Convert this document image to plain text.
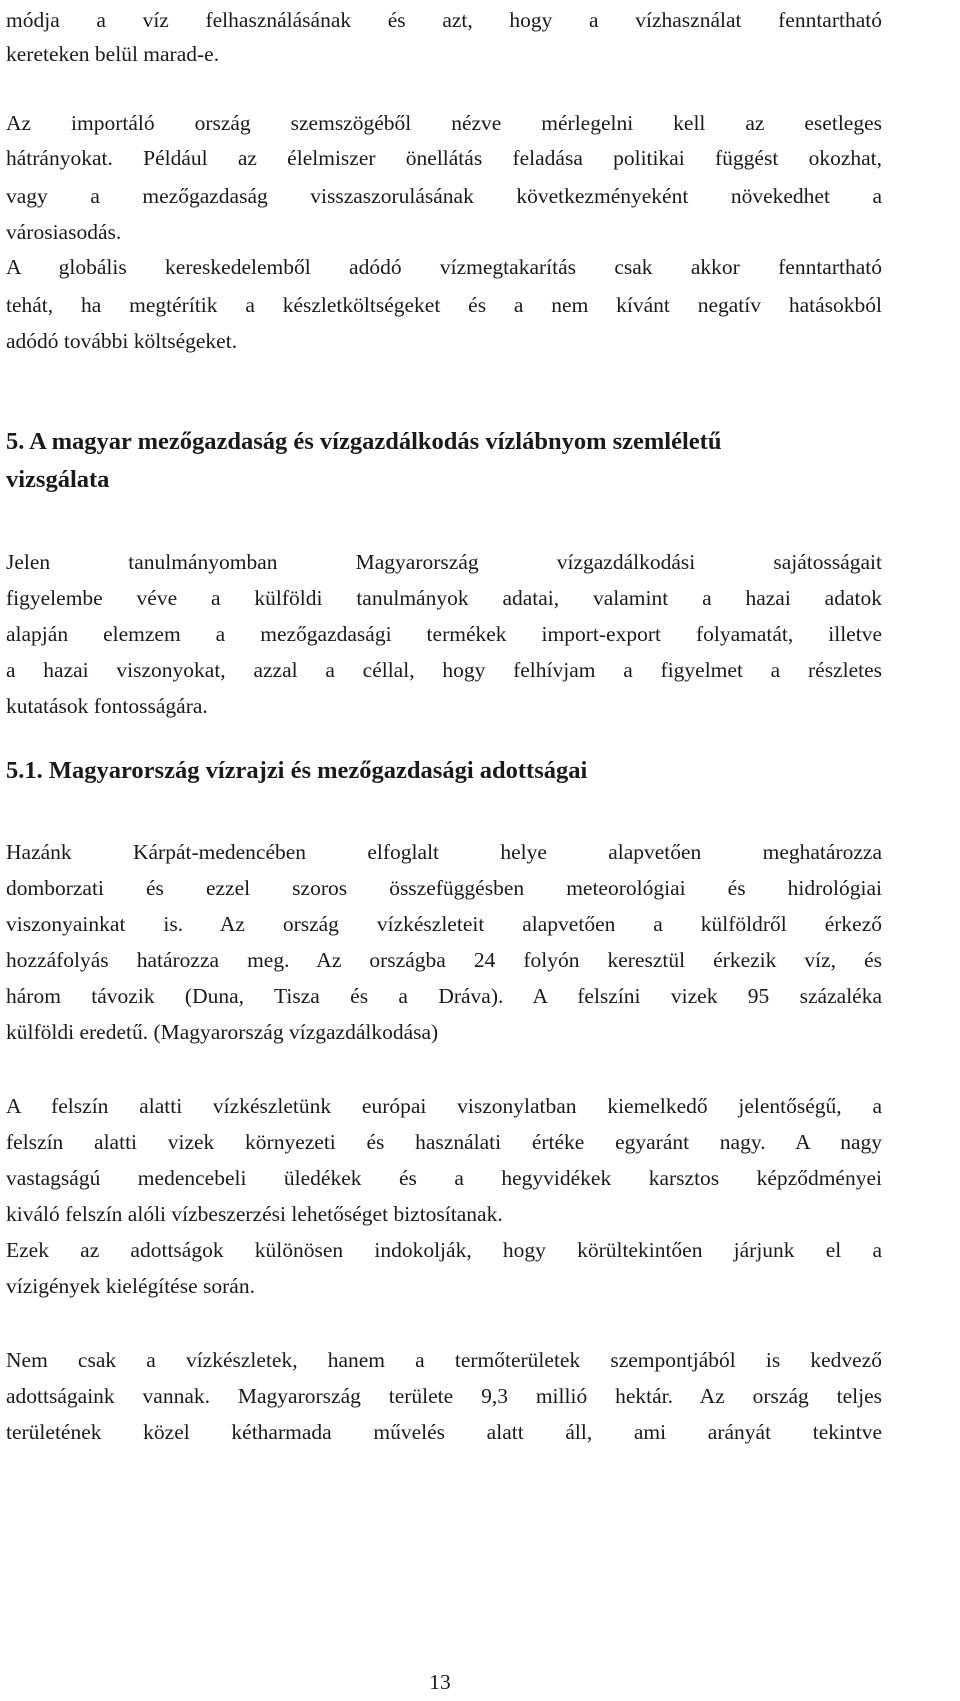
módja a víz felhasználásának és azt, hogy a vízhasználat fenntartható
kereteken belül marad-e.
Az importáló ország szemszögéből nézve mérlegelni kell az esetleges
hátrányokat. Például az élelmiszer önellátás feladása politikai függést okozhat,
vagy a mezőgazdaság visszaszorulásának következményeként növekedhet a
városiasodás.
A globális kereskedelemből adódó vízmegtakarítás csak akkor fenntartható
tehát, ha megtérítik a készletköltségeket és a nem kívánt negatív hatásokból
adódó további költségeket.
5. A magyar mezőgazdaság és vízgazdálkodás vízlábnyom szemléletű
vizsgálata
Jelen tanulmányomban Magyarország vízgazdálkodási sajátosságait
figyelembe véve a külföldi tanulmányok adatai, valamint a hazai adatok
alapján elemzem a mezőgazdasági termékek import-export folyamatát, illetve
a hazai viszonyokat, azzal a céllal, hogy felhívjam a figyelmet a részletes
kutatások fontosságára.
5.1. Magyarország vízrajzi és mezőgazdasági adottságai
Hazánk Kárpát-medencében elfoglalt helye alapvetően meghatározza
domborzati és ezzel szoros összefüggésben meteorológiai és hidrológiai
viszonyainkat is. Az ország vízkészleteit alapvetően a külföldről érkező
hozzáfolyás határozza meg. Az országba 24 folyón keresztül érkezik víz, és
három távozik (Duna, Tisza és a Dráva). A felszíni vizek 95 százaléka
külföldi eredetű. (Magyarország vízgazdálkodása)
A felszín alatti vízkészletünk európai viszonylatban kiemelkedő jelentőségű, a
felszín alatti vizek környezeti és használati értéke egyaránt nagy. A nagy
vastagságú medencebeli üledékek és a hegyvidékek karsztos képződményei
kiváló felszín alóli vízbeszerzési lehetőséget biztosítanak.
Ezek az adottságok különösen indokolják, hogy körültekintően járjunk el a
vízigények kielégítése során.
Nem csak a vízkészletek, hanem a termőterületek szempontjából is kedvező
adottságaink vannak. Magyarország területe 9,3 millió hektár. Az ország teljes
területének közel kétharmada művelés alatt áll, ami arányát tekintve
13
